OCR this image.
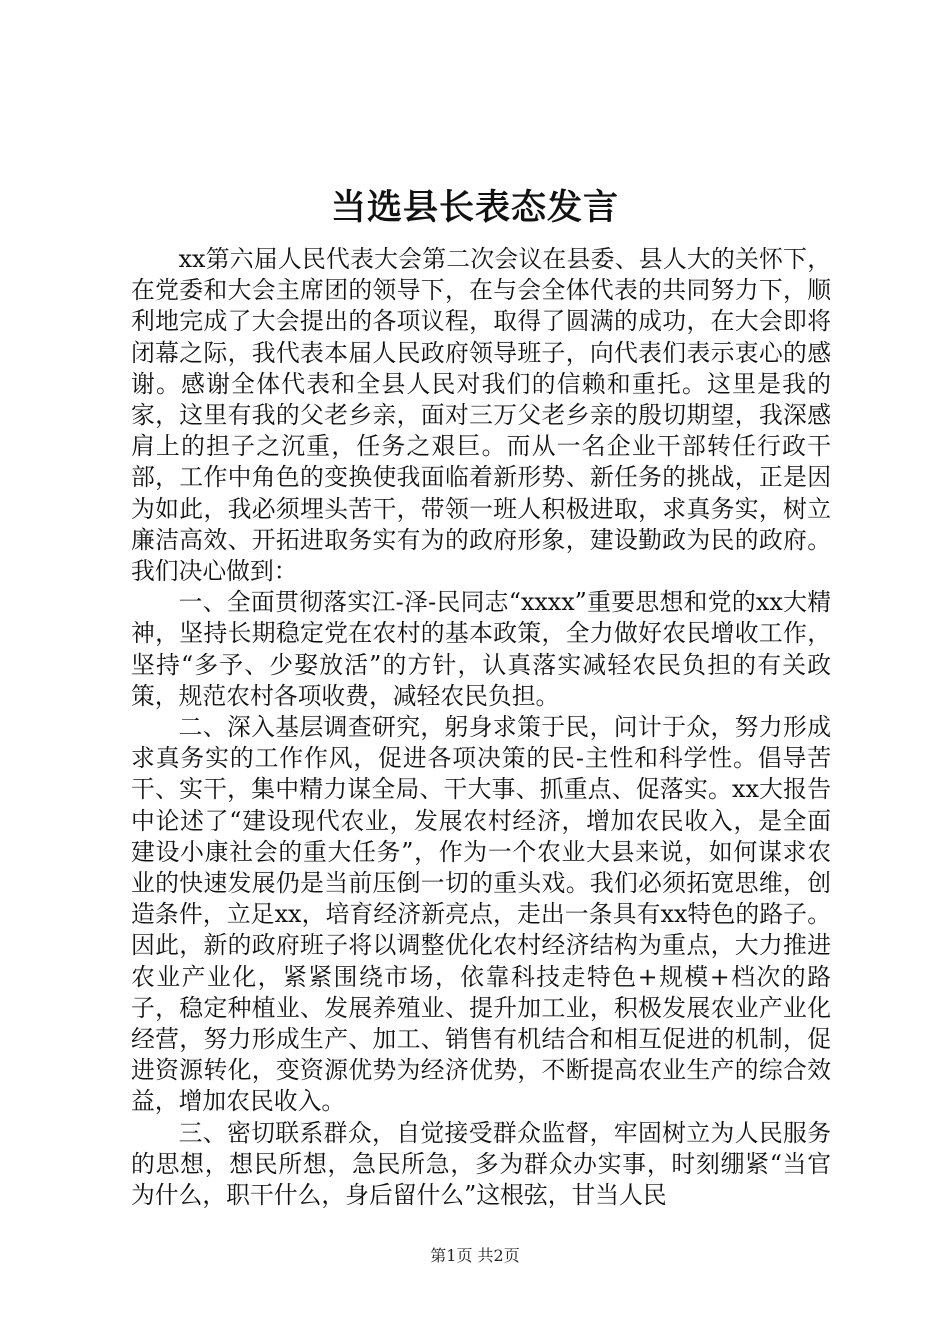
当选县长表态发言

xx第六届人民代表大会第二次会议在县委、县人大的关怀下，在党委和大会主席团的领导下，在与会全体代表的共同努力下，顺利地完成了大会提出的各项议程，取得了圆满的成功，在大会即将闭幕之际，我代表本届人民政府领导班子，向代表们表示衷心的感谢。感谢全体代表和全县人民对我们的信赖和重托。这里是我的家，这里有我的父老乡亲，面对三万父老乡亲的殷切期望，我深感肩上的担子之沉重，任务之艰巨。而从一名企业干部转任行政干部，工作中角色的变换使我面临着新形势、新任务的挑战，正是因为如此，我必须埋头苦干，带领一班人积极进取，求真务实，树立廉洁高效、开拓进取务实有为的政府形象，建设勤政为民的政府。我们决心做到：

一、全面贯彻落实江-泽-民同志“xxxx”重要思想和党的xx大精神，坚持长期稳定党在农村的基本政策，全力做好农民增收工作，坚持“多予、少娶放活”的方针，认真落实减轻农民负担的有关政策，规范农村各项收费，减轻农民负担。

二、深入基层调查研究，躬身求策于民，问计于众，努力形成求真务实的工作作风，促进各项决策的民-主性和科学性。倡导苦干、实干，集中精力谋全局、干大事、抓重点、促落实。xx大报告中论述了“建设现代农业，发展农村经济，增加农民收入，是全面建设小康社会的重大任务”，作为一个农业大县来说，如何谋求农业的快速发展仍是当前压倒一切的重头戏。我们必须拓宽思维，创造条件，立足xx，培育经济新亮点，走出一条具有xx特色的路子。因此，新的政府班子将以调整优化农村经济结构为重点，大力推进农业产业化，紧紧围绕市场，依靠科技走特色+规模+档次的路子，稳定种植业、发展养殖业、提升加工业，积极发展农业产业化经营，努力形成生产、加工、销售有机结合和相互促进的机制，促进资源转化，变资源优势为经济优势，不断提高农业生产的综合效益，增加农民收入。

三、密切联系群众，自觉接受群众监督，牢固树立为人民服务的思想，想民所想，急民所急，多为群众办实事，时刻绷紧“当官为什么，职干什么，身后留什么”这根弦，甘当人民

第1页 共2页
